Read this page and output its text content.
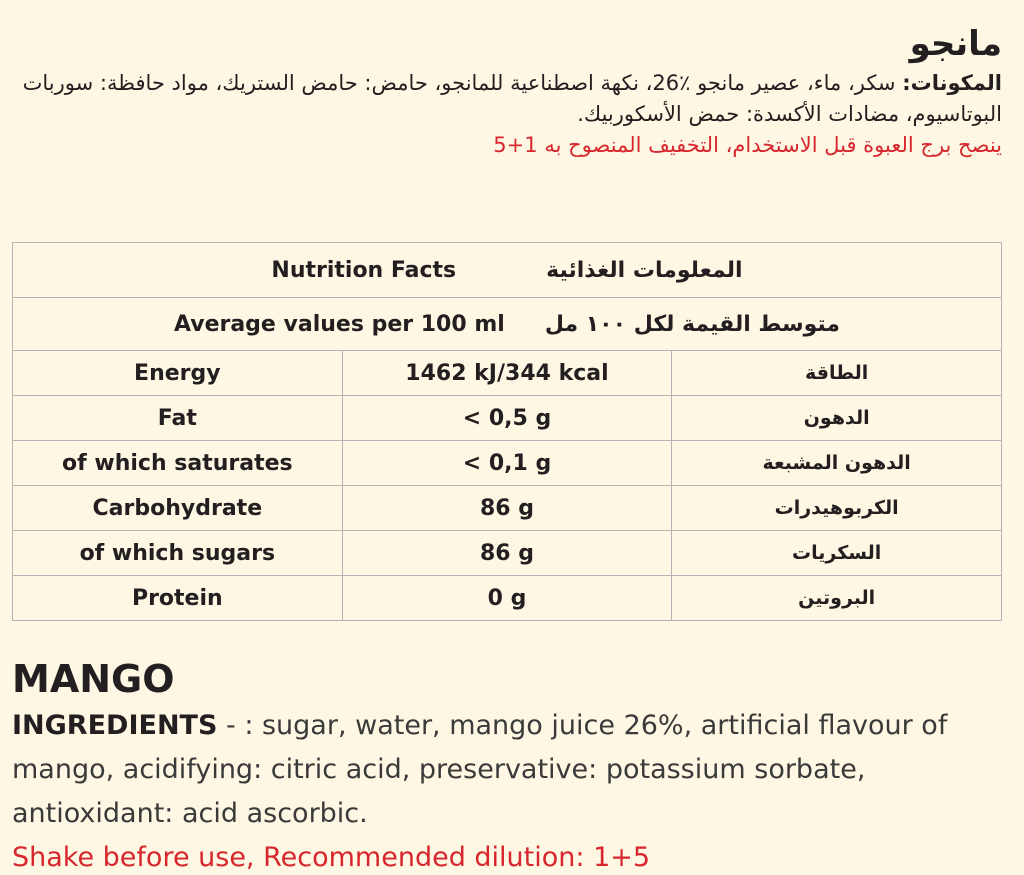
مانجو

المكونات: سكر، ماء، عصير مانجو ٪26، نكهة اصطناعية للمانجو، حامض: حامض الستريك، مواد حافظة: سوربات البوتاسيوم، مضادات الأكسدة: حمض الأسكوربيك.

ينصح برج العبوة قبل الاستخدام، التخفيف المنصوح به 1+5

Nutrition Facts المعلومات الغذائية		

Average values per 100 ml متوسط القيمة لكل ١٠٠ مل		

Energy	1462 kJ/344 kcal	الطاقة
Fat	< 0,5 g	الدهون
of which saturates	< 0,1 g	الدهون المشبعة
Carbohydrate	86 g	الكربوهيدرات
of which sugars	86 g	السكريات
Protein	0 g	البروتين

MANGO

INGREDIENTS - : sugar, water, mango juice 26%, artificial flavour of mango, acidifying: citric acid, preservative: potassium sorbate, antioxidant: acid ascorbic.

Shake before use, Recommended dilution: 1+5
